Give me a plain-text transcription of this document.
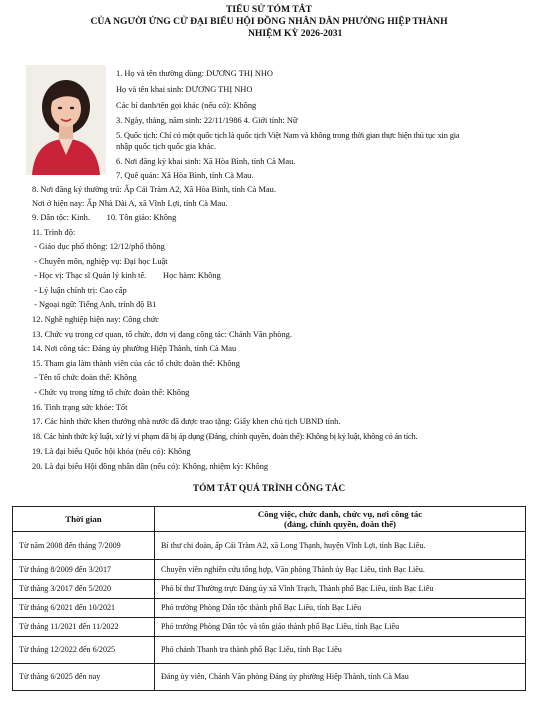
TIỂU SỬ TÓM TẮT
CỦA NGƯỜI ỨNG CỬ ĐẠI BIỂU HỘI ĐỒNG NHÂN DÂN PHƯỜNG HIỆP THÀNH
NHIỆM KỲ 2026-2031
1. Họ và tên thường dùng: DƯƠNG THỊ NHO
Họ và tên khai sinh: DƯƠNG THỊ NHO
Các bí danh/tên gọi khác (nếu có): Không
3. Ngày, tháng, năm sinh: 22/11/1986 4. Giới tính: Nữ
5. Quốc tịch: Chỉ có một quốc tịch là quốc tịch Việt Nam và không trong thời gian thực hiện thủ tục xin gia
nhập quốc tịch quốc gia khác.
6. Nơi đăng ký khai sinh: Xã Hòa Bình, tỉnh Cà Mau.
7. Quê quán: Xã Hòa Bình, tỉnh Cà Mau.
8. Nơi đăng ký thường trú: Ấp Cái Tràm A2, Xã Hòa Bình, tỉnh Cà Mau.
Nơi ở hiện nay: Ấp Nhà Dài A, xã Vĩnh Lợi, tỉnh Cà Mau.
9. Dân tộc: Kinh.        10. Tôn giáo: Không
11. Trình độ:
- Giáo dục phổ thông: 12/12/phổ thông
- Chuyên môn, nghiệp vụ: Đại học Luật
- Học vị: Thạc sĩ Quản lý kinh tế.        Học hàm: Không
- Lý luận chính trị: Cao cấp
- Ngoại ngữ: Tiếng Anh, trình độ B1
12. Nghề nghiệp hiện nay: Công chức
13. Chức vụ trong cơ quan, tổ chức, đơn vị đang công tác: Chánh Văn phòng.
14. Nơi công tác: Đảng ủy phường Hiệp Thành, tỉnh Cà Mau
15. Tham gia làm thành viên của các tổ chức đoàn thể: Không
- Tên tổ chức đoàn thể: Không
- Chức vụ trong từng tổ chức đoàn thể: Không
16. Tình trạng sức khỏe: Tốt
17. Các hình thức khen thưởng nhà nước đã được trao tặng: Giấy khen chủ tịch UBND tỉnh.
18. Các hình thức kỷ luật, xử lý vi phạm đã bị áp dụng (Đảng, chính quyền, đoàn thể): Không bị kỷ luật, không có án tích.
19. Là đại biểu Quốc hội khóa (nếu có): Không
20. Là đại biểu Hội đồng nhân dân (nếu có): Không, nhiệm kỳ: Không
TÓM TẮT QUÁ TRÌNH CÔNG TÁC
Thời gian	Công việc, chức danh, chức vụ, nơi công tác
(đảng, chính quyền, đoàn thể)

Từ năm 2008 đến tháng 7/2009	Bí thư chi đoàn, ấp Cái Tràm A2, xã Long Thạnh, huyện Vĩnh Lợi, tỉnh Bạc Liêu.
Từ tháng 8/2009 đến 3/2017	Chuyên viên nghiên cứu tổng hợp, Văn phòng Thành ủy Bạc Liêu, tỉnh Bạc Liêu.
Từ tháng 3/2017 đến 5/2020	Phó bí thư Thường trực Đảng ủy xã Vĩnh Trạch, Thành phố Bạc Liêu, tỉnh Bạc Liêu
Từ tháng 6/2021 đến 10/2021	Phó trưởng Phòng Dân tộc thành phố Bạc Liêu, tỉnh Bạc Liêu
Từ tháng 11/2021 đến 11/2022	Phó trưởng Phòng Dân tộc và tôn giáo thành phố Bạc Liêu, tỉnh Bạc Liêu
Từ tháng 12/2022 đến 6/2025	Phó chánh Thanh tra thành phố Bạc Liêu, tỉnh Bạc Liêu
Từ tháng 6/2025 đến nay	Đảng ủy viên, Chánh Văn phòng Đảng ủy phường Hiệp Thành, tỉnh Cà Mau
